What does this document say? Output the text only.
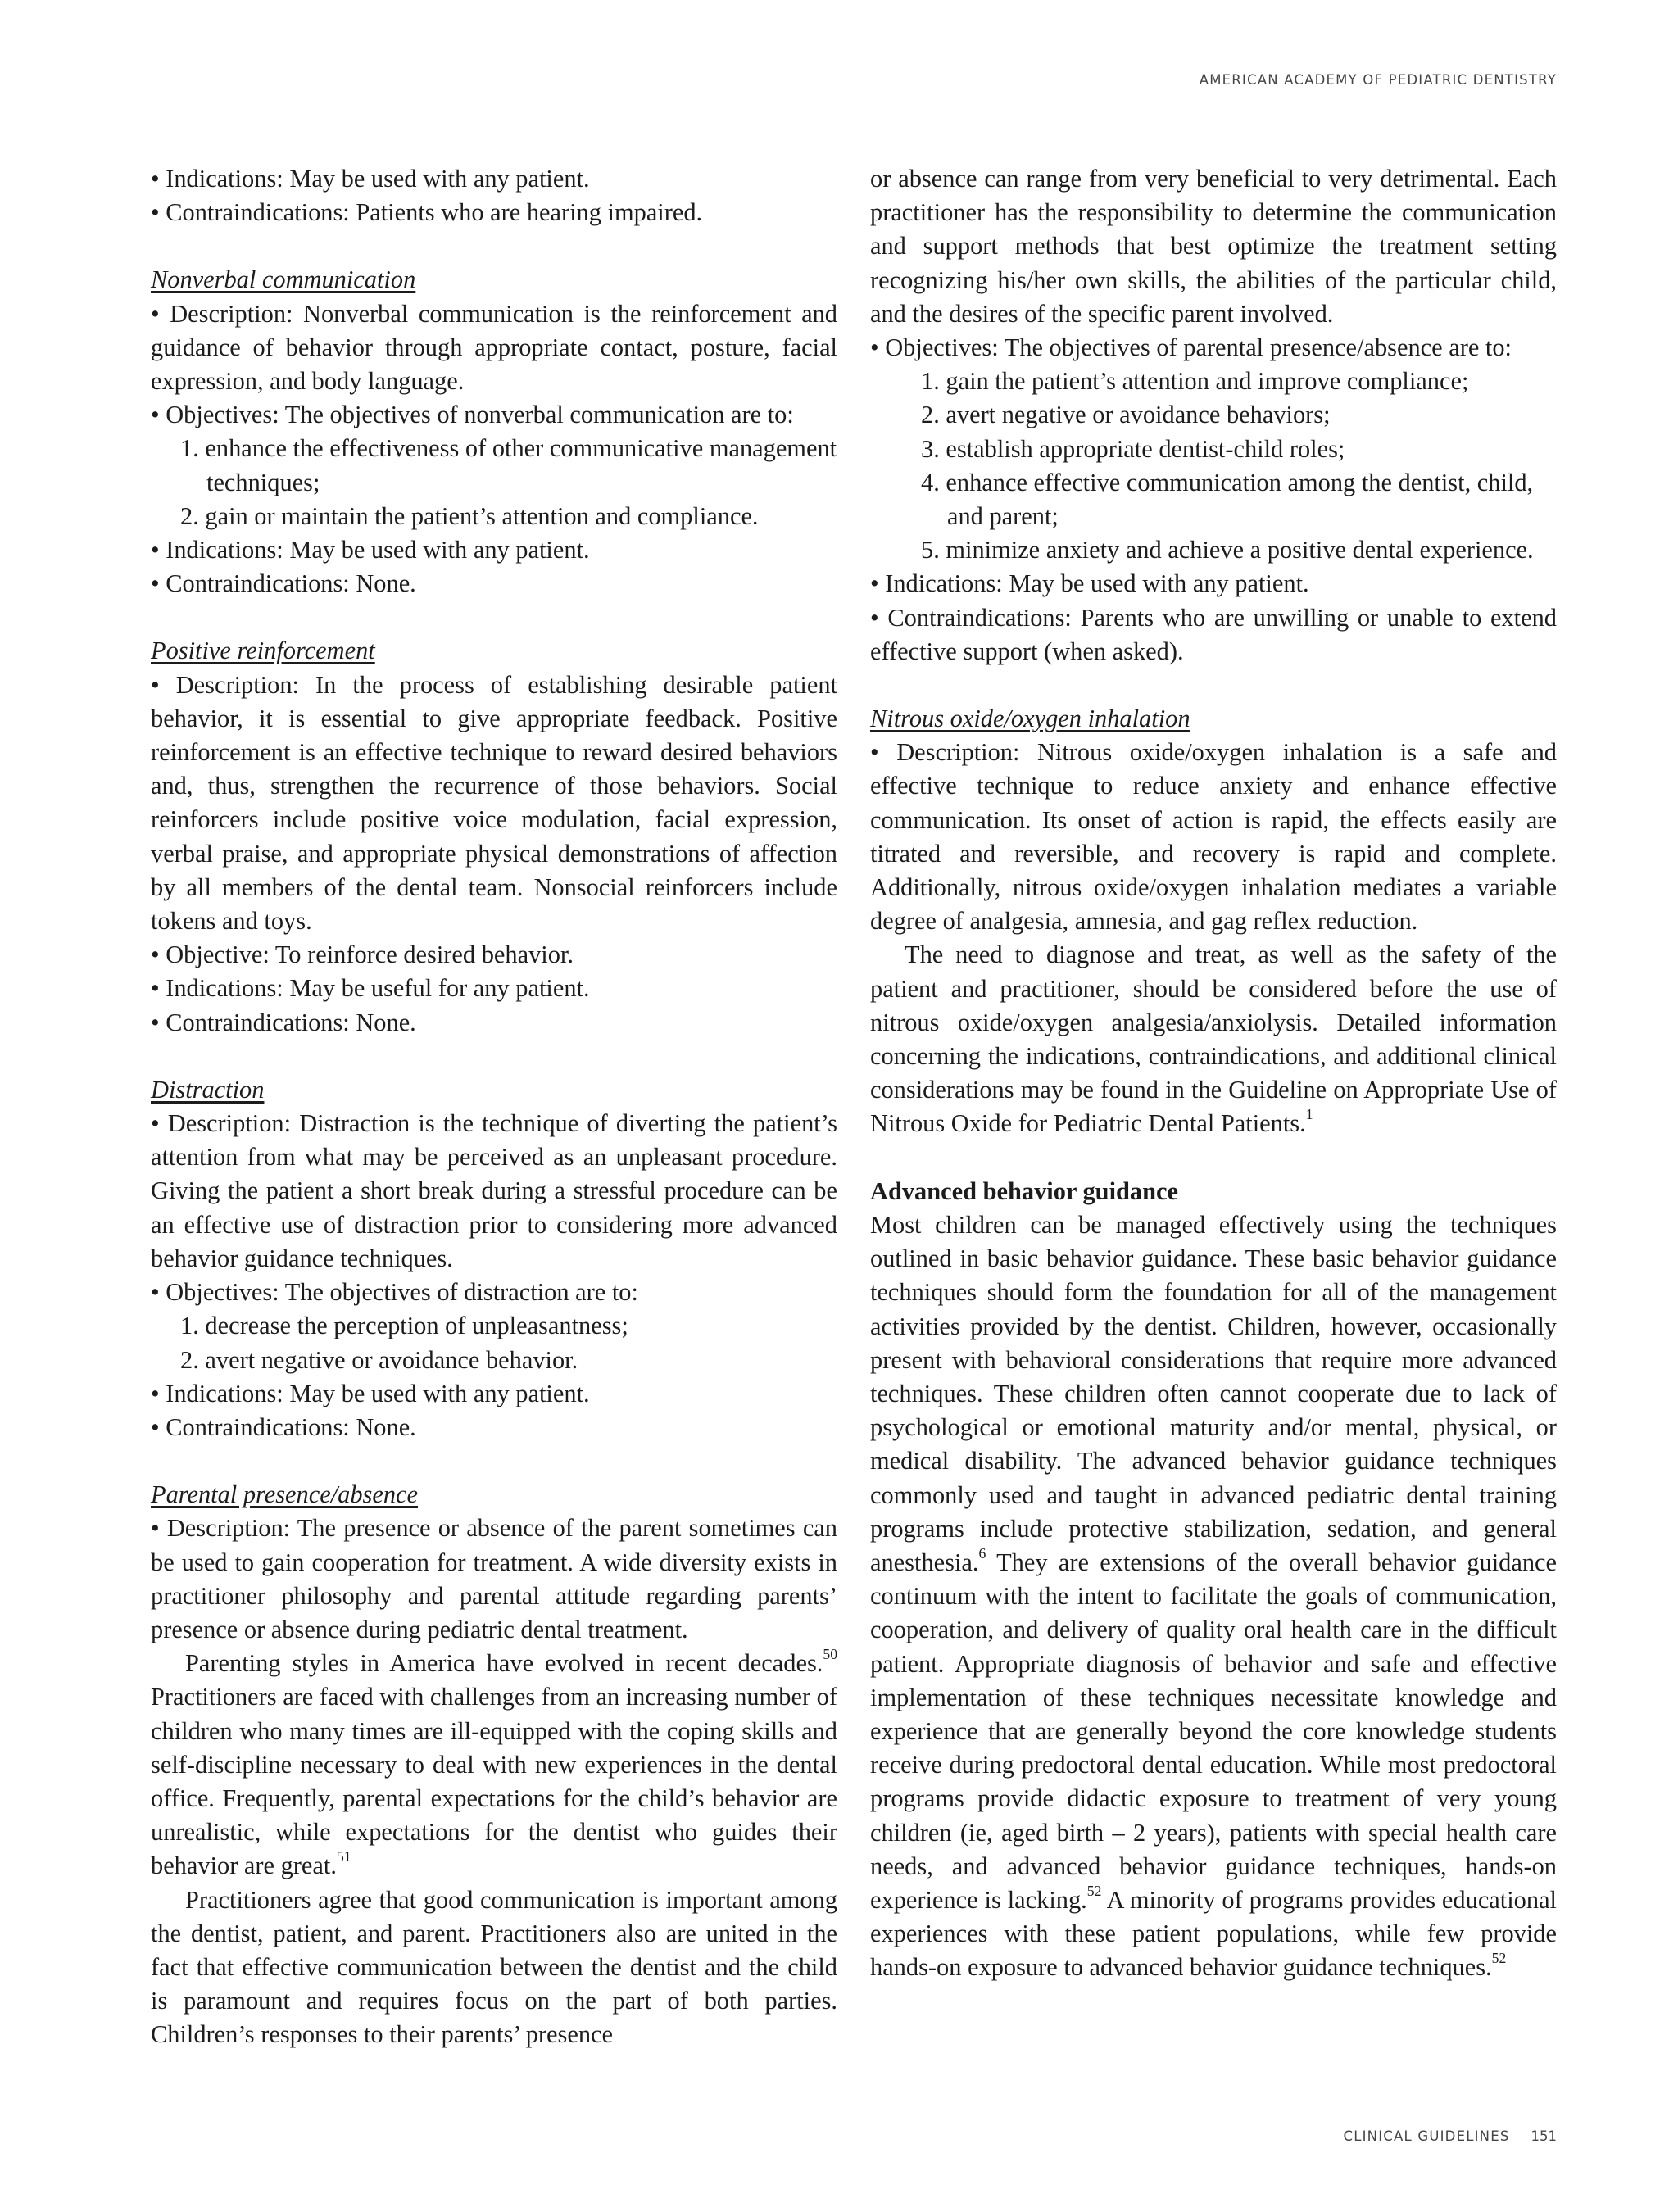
AMERICAN ACADEMY OF PEDIATRIC DENTISTRY

• Indications: May be used with any patient.

• Contraindications: Patients who are hearing impaired.

Nonverbal communication

• Description: Nonverbal communication is the reinforcement and guidance of behavior through appropriate contact, posture, facial expression, and body language.

• Objectives: The objectives of nonverbal communication are to:

1. enhance the effectiveness of other communicative management techniques;

2. gain or maintain the patient’s attention and compliance.

• Indications: May be used with any patient.

• Contraindications: None.

Positive reinforcement

• Description: In the process of establishing desirable patient behavior, it is essential to give appropriate feedback. Positive reinforcement is an effective technique to reward desired behaviors and, thus, strengthen the recurrence of those behaviors. Social reinforcers include positive voice modulation, facial expression, verbal praise, and appropriate physical demonstrations of affection by all members of the dental team. Nonsocial reinforcers include tokens and toys.

• Objective: To reinforce desired behavior.

• Indications: May be useful for any patient.

• Contraindications: None.

Distraction

• Description: Distraction is the technique of diverting the patient’s attention from what may be perceived as an unpleasant procedure. Giving the patient a short break during a stressful procedure can be an effective use of distraction prior to considering more advanced behavior guidance techniques.

• Objectives: The objectives of distraction are to:

1. decrease the perception of unpleasantness;

2. avert negative or avoidance behavior.

• Indications: May be used with any patient.

• Contraindications: None.

Parental presence/absence

• Description: The presence or absence of the parent sometimes can be used to gain cooperation for treatment. A wide diversity exists in practitioner philosophy and parental attitude regarding parents’ presence or absence during pediatric dental treatment.

Parenting styles in America have evolved in recent decades.$^{50}$ Practitioners are faced with challenges from an increasing number of children who many times are ill-equipped with the coping skills and self-discipline necessary to deal with new experiences in the dental office. Frequently, parental expectations for the child’s behavior are unrealistic, while expectations for the dentist who guides their behavior are great.$^{51}$

Practitioners agree that good communication is important among the dentist, patient, and parent. Practitioners also are united in the fact that effective communication between the dentist and the child is paramount and requires focus on the part of both parties. Children’s responses to their parents’ presence

or absence can range from very beneficial to very detrimental. Each practitioner has the responsibility to determine the communication and support methods that best optimize the treatment setting recognizing his/her own skills, the abilities of the particular child, and the desires of the specific parent involved.

• Objectives: The objectives of parental presence/absence are to:

1. gain the patient’s attention and improve compliance;

2. avert negative or avoidance behaviors;

3. establish appropriate dentist-child roles;

4. enhance effective communication among the dentist, child, and parent;

5. minimize anxiety and achieve a positive dental experience.

• Indications: May be used with any patient.

• Contraindications: Parents who are unwilling or unable to extend effective support (when asked).

Nitrous oxide/oxygen inhalation

• Description: Nitrous oxide/oxygen inhalation is a safe and effective technique to reduce anxiety and enhance effective communication. Its onset of action is rapid, the effects easily are titrated and reversible, and recovery is rapid and complete. Additionally, nitrous oxide/oxygen inhalation mediates a variable degree of analgesia, amnesia, and gag reflex reduction.

The need to diagnose and treat, as well as the safety of the patient and practitioner, should be considered before the use of nitrous oxide/oxygen analgesia/anxiolysis. Detailed information concerning the indications, contraindications, and additional clinical considerations may be found in the Guideline on Appropriate Use of Nitrous Oxide for Pediatric Dental Patients.$^1$

Advanced behavior guidance

Most children can be managed effectively using the techniques outlined in basic behavior guidance. These basic behavior guidance techniques should form the foundation for all of the management activities provided by the dentist. Children, however, occasionally present with behavioral considerations that require more advanced techniques. These children often cannot cooperate due to lack of psychological or emotional maturity and/or mental, physical, or medical disability. The advanced behavior guidance techniques commonly used and taught in advanced pediatric dental training programs include protective stabilization, sedation, and general anesthesia.$^6$ They are extensions of the overall behavior guidance continuum with the intent to facilitate the goals of communication, cooperation, and delivery of quality oral health care in the difficult patient. Appropriate diagnosis of behavior and safe and effective implementation of these techniques necessitate knowledge and experience that are generally beyond the core knowledge students receive during predoctoral dental education. While most predoctoral programs provide didactic exposure to treatment of very young children (ie, aged birth – 2 years), patients with special health care needs, and advanced behavior guidance techniques, hands-on experience is lacking.$^{52}$ A minority of programs provides educational experiences with these patient populations, while few provide hands-on exposure to advanced behavior guidance techniques.$^{52}$

CLINICAL GUIDELINES 151
